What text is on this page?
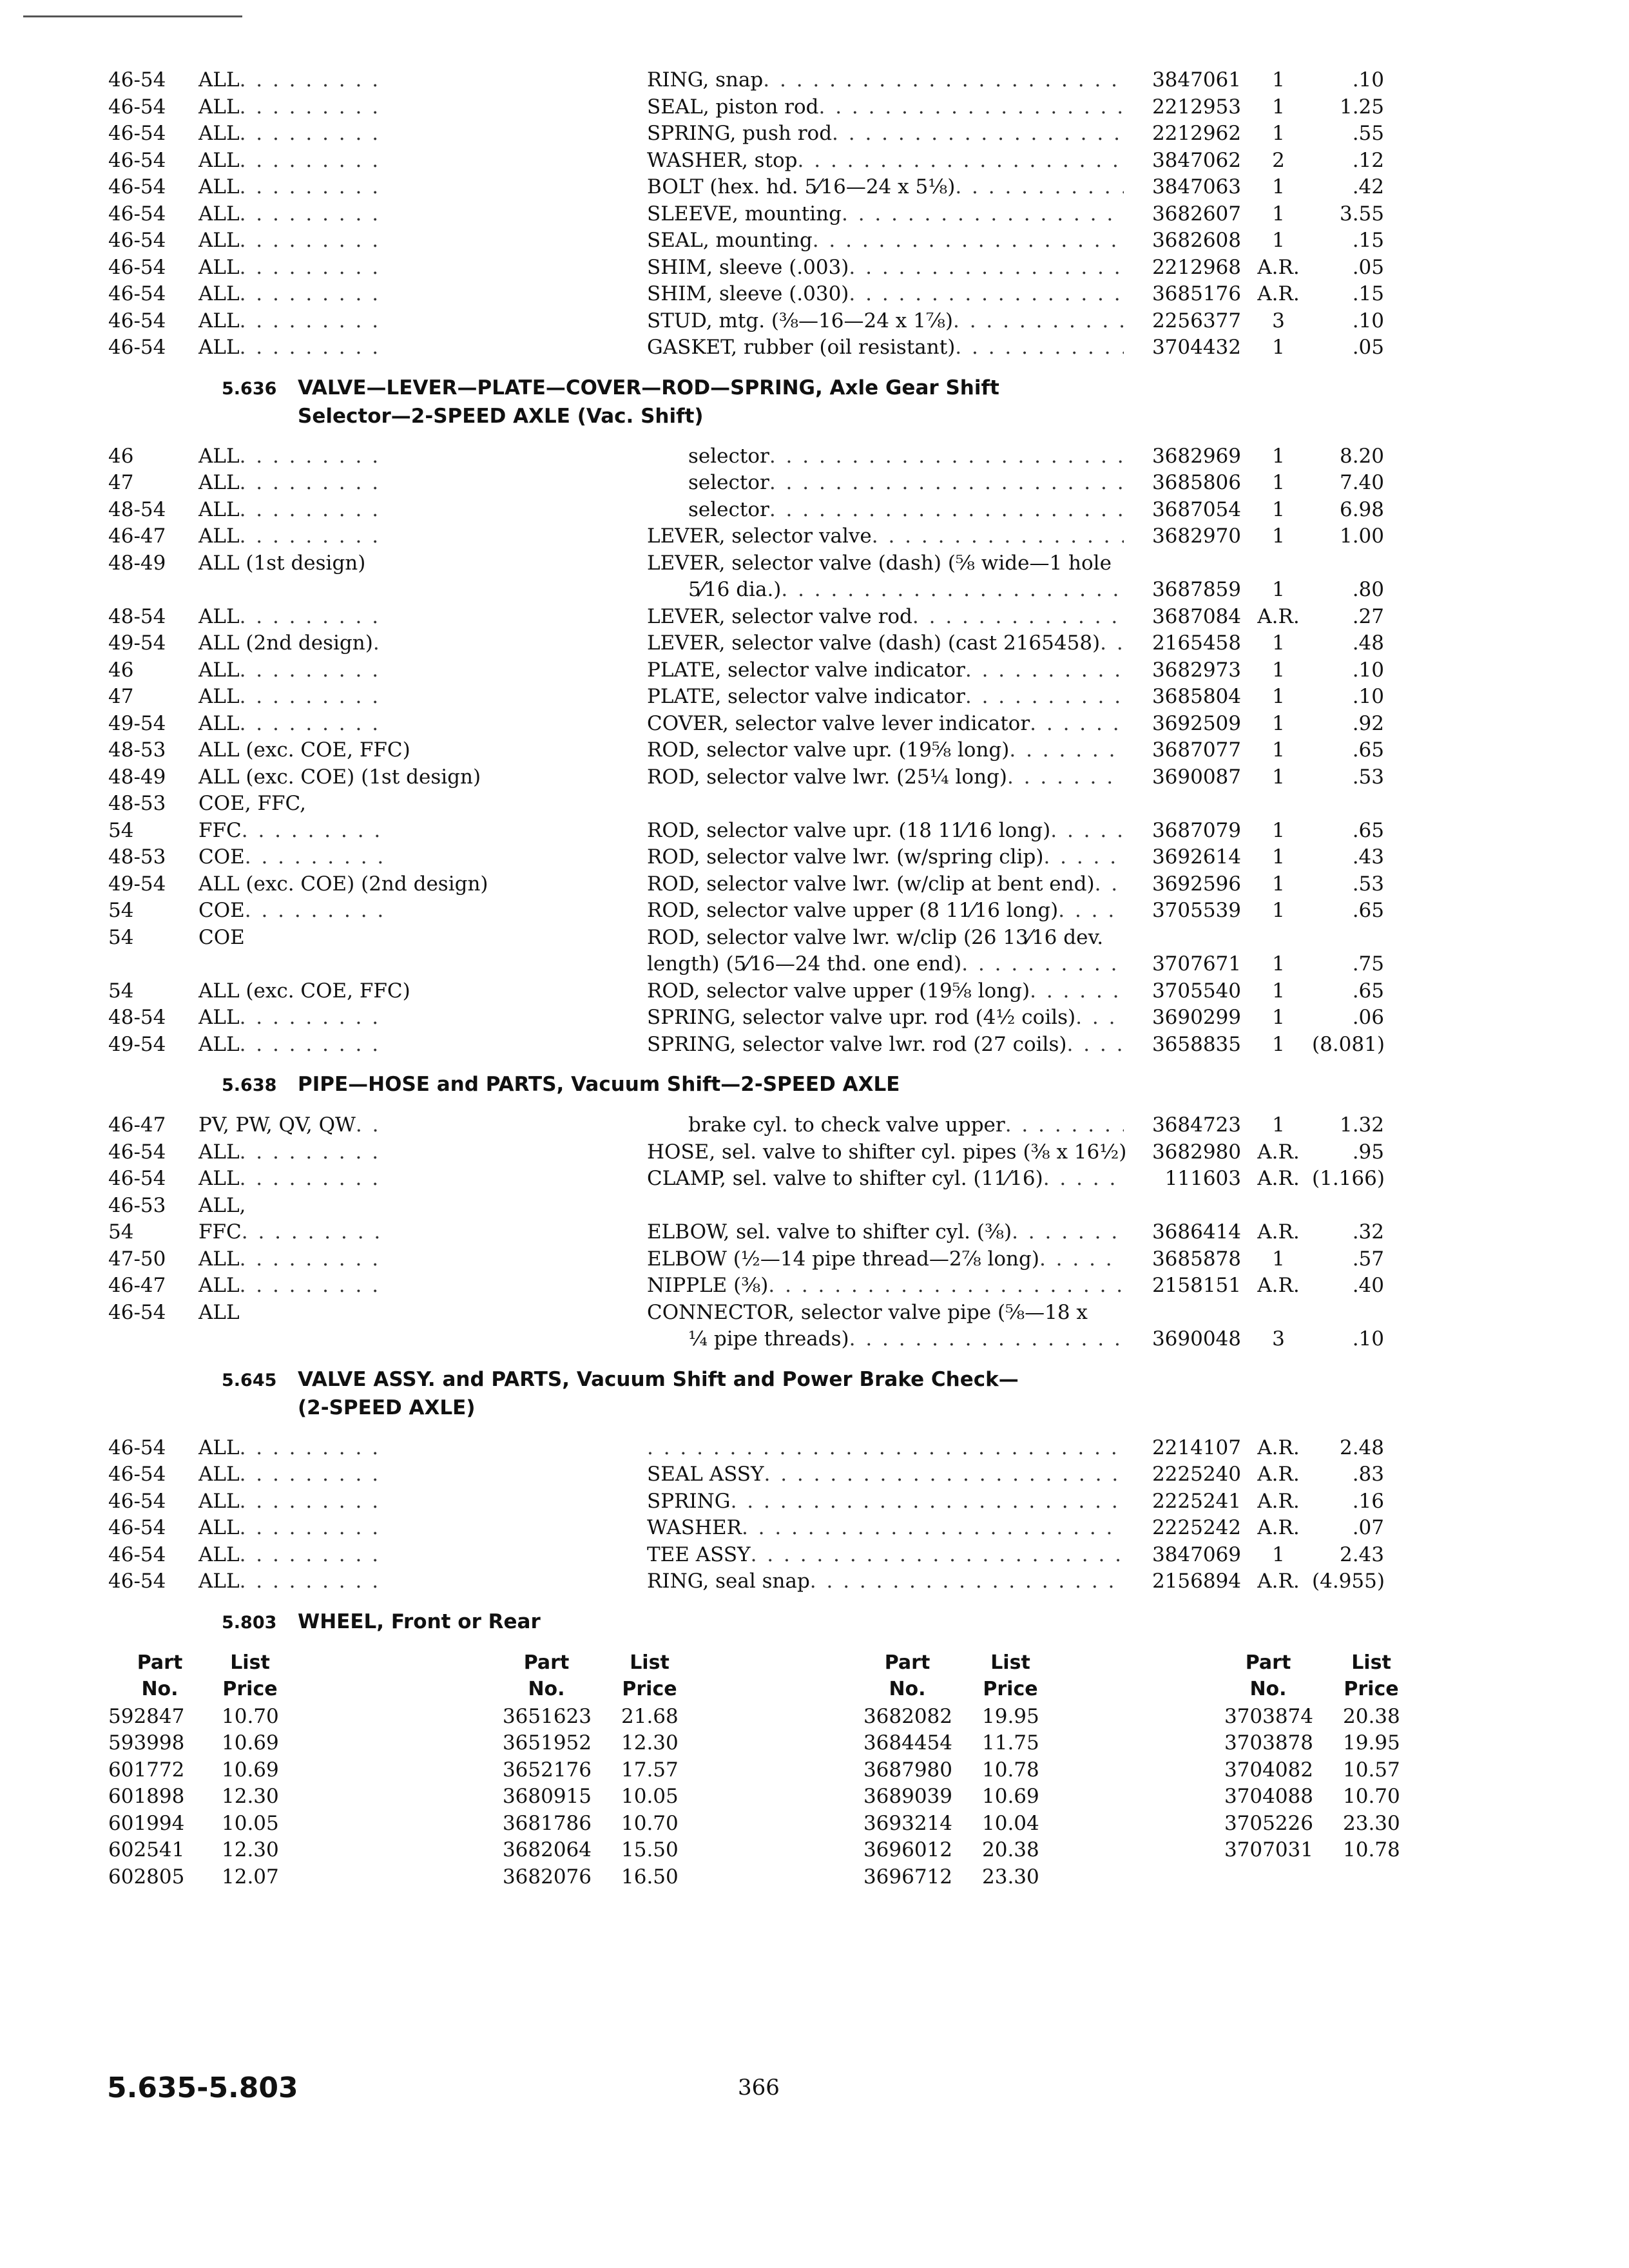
46-54	ALL . . .	RING, snap . . .	3847061	1	.10
46-54	ALL . . .	SEAL, piston rod . . .	2212953	1	1.25
46-54	ALL . . .	SPRING, push rod . . .	2212962	1	.55
46-54	ALL . . .	WASHER, stop . . .	3847062	2	.12
46-54	ALL . . .	BOLT (hex. hd. 5⁄16—24 x 5⅛) . . .	3847063	1	.42
46-54	ALL . . .	SLEEVE, mounting . . .	3682607	1	3.55
46-54	ALL . . .	SEAL, mounting . . .	3682608	1	.15
46-54	ALL . . .	SHIM, sleeve (.003) . . .	2212968 A.R.	.05
46-54	ALL . . .	SHIM, sleeve (.030) . . .	3685176 A.R.	.15
46-54	ALL . . .	STUD, mtg. (⅜—16—24 x 1⅞) . . .	2256377	3	.10
46-54	ALL . . .	GASKET, rubber (oil resistant) . . .	3704432	1	.05
5.636 VALVE—LEVER—PLATE—COVER—ROD—SPRING, Axle Gear Shift
Selector—2-SPEED AXLE (Vac. Shift)
46	ALL . . .	selector . . .	3682969	1	8.20
47	ALL . . .	selector . . .	3685806	1	7.40
48-54	ALL . . .	selector . . .	3687054	1	6.98
46-47	ALL . . .	LEVER, selector valve . . .	3682970	1	1.00
48-49	ALL (1st design)	LEVER, selector valve (dash) (⅝ wide—1 hole
5⁄16 dia.) . . .	3687859	1	.80
48-54	ALL . . .	LEVER, selector valve rod . . .	3687084 A.R.	.27
49-54	ALL (2nd design) . . .	LEVER, selector valve (dash) (cast 2165458) . . .	2165458	1	.48
46	ALL . . .	PLATE, selector valve indicator . . .	3682973	1	.10
47	ALL . . .	PLATE, selector valve indicator . . .	3685804	1	.10
49-54	ALL . . .	COVER, selector valve lever indicator . . .	3692509	1	.92
48-53	ALL (exc. COE, FFC)	ROD, selector valve upr. (19⅝ long) . . .	3687077	1	.65
48-49	ALL (exc. COE) (1st design)	ROD, selector valve lwr. (25¼ long) . . .	3690087	1	.53
48-53	COE, FFC,
54	FFC . . .	ROD, selector valve upr. (18 11⁄16 long) . . .	3687079	1	.65
48-53	COE . . .	ROD, selector valve lwr. (w/spring clip) . . .	3692614	1	.43
49-54	ALL (exc. COE) (2nd design)	ROD, selector valve lwr. (w/clip at bent end) . . .	3692596	1	.53
54	COE . . .	ROD, selector valve upper (8 11⁄16 long) . . .	3705539	1	.65
54	COE	ROD, selector valve lwr. w/clip (26 13⁄16 dev.
length) (5⁄16—24 thd. one end) . . .	3707671	1	.75
54	ALL (exc. COE, FFC)	ROD, selector valve upper (19⅝ long) . . .	3705540	1	.65
48-54	ALL . . .	SPRING, selector valve upr. rod (4½ coils) . . .	3690299	1	.06
49-54	ALL . . .	SPRING, selector valve lwr. rod (27 coils) . . .	3658835	1	(8.081)
5.638 PIPE—HOSE and PARTS, Vacuum Shift—2-SPEED AXLE
46-47	PV, PW, QV, QW . . .	brake cyl. to check valve upper . . .	3684723	1	1.32
46-54	ALL . . .	HOSE, sel. valve to shifter cyl. pipes (⅜ x 16½)	3682980 A.R.	.95
46-54	ALL . . .	CLAMP, sel. valve to shifter cyl. (11⁄16) . . .	111603 A.R. (1.166)
46-53	ALL,
54	FFC . . .	ELBOW, sel. valve to shifter cyl. (⅜) . . .	3686414 A.R.	.32
47-50	ALL . . .	ELBOW (½—14 pipe thread—2⅞ long) . . .	3685878	1	.57
46-47	ALL . . .	NIPPLE (⅜) . . .	2158151 A.R.	.40
46-54	ALL	CONNECTOR, selector valve pipe (⅝—18 x
¼ pipe threads) . . .	3690048	3	.10
5.645 VALVE ASSY. and PARTS, Vacuum Shift and Power Brake Check—
(2-SPEED AXLE)
46-54	ALL . . . . . .	2214107 A.R.	2.48
46-54	ALL . . .	SEAL ASSY . . .	2225240 A.R.	.83
46-54	ALL . . .	SPRING . . .	2225241 A.R.	.16
46-54	ALL . . .	WASHER . . .	2225242 A.R.	.07
46-54	ALL . . .	TEE ASSY . . .	3847069	1	2.43
46-54	ALL . . .	RING, seal snap . . .	2156894 A.R. (4.955)
5.803 WHEEL, Front or Rear
Part
No.
List
Price
592847 10.70
593998 10.69
601772 10.69
601898 12.30
601994 10.05
602541 12.30
602805 12.07
Part
No.
List
Price
3651623 21.68
3651952 12.30
3652176 17.57
3680915 10.05
3681786 10.70
3682064 15.50
3682076 16.50
Part
No.
List
Price
3682082 19.95
3684454 11.75
3687980 10.78
3689039 10.69
3693214 10.04
3696012 20.38
3696712 23.30
Part
No.
List
Price
3703874 20.38
3703878 19.95
3704082 10.57
3704088 10.70
3705226 23.30
3707031 10.78
5.635-5.803	366
